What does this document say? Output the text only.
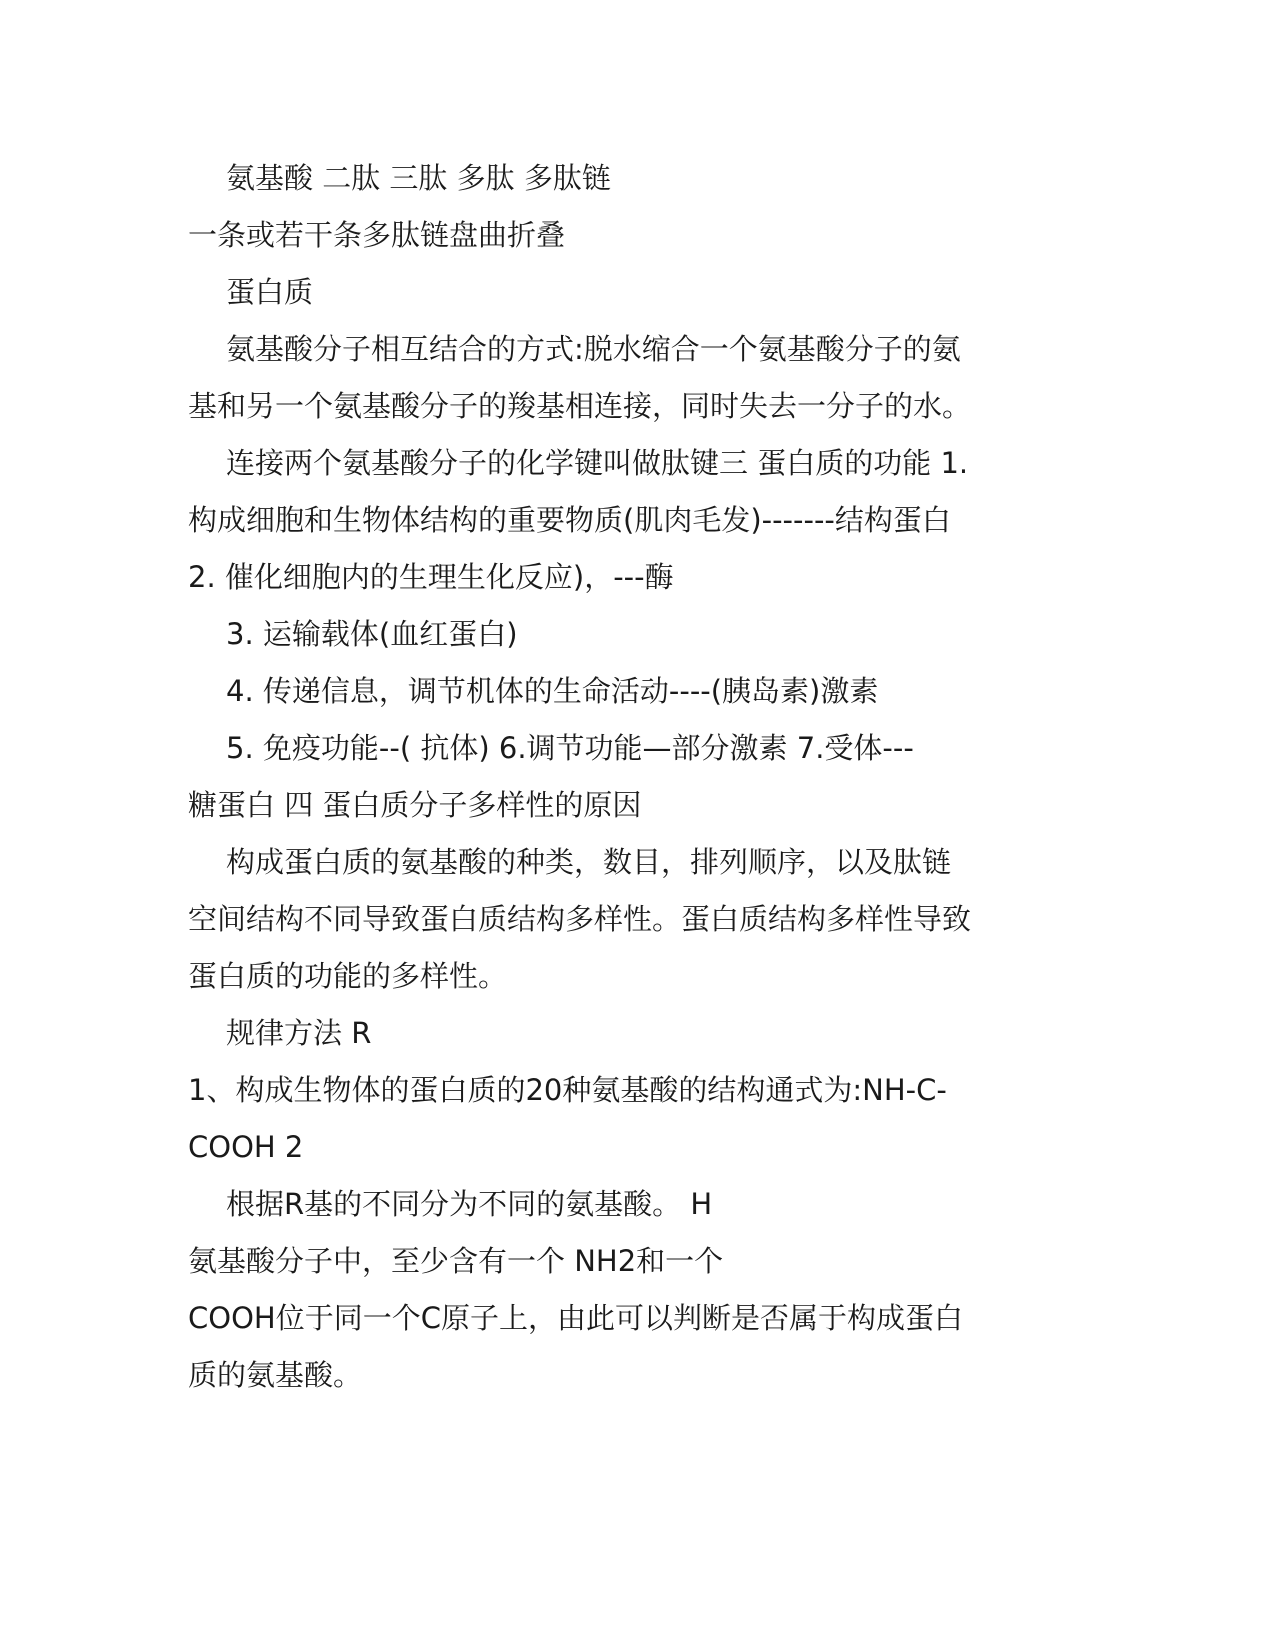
氨基酸 二肽 三肽 多肽 多肽链
一条或若干条多肽链盘曲折叠
蛋白质
氨基酸分子相互结合的方式:脱水缩合一个氨基酸分子的氨
基和另一个氨基酸分子的羧基相连接，同时失去一分子的水。
连接两个氨基酸分子的化学键叫做肽键三 蛋白质的功能 1.
构成细胞和生物体结构的重要物质(肌肉毛发)-------结构蛋白
2. 催化细胞内的生理生化反应)，---酶
3. 运输载体(血红蛋白)
4. 传递信息，调节机体的生命活动----(胰岛素)激素
5. 免疫功能--( 抗体) 6.调节功能—部分激素 7.受体---
糖蛋白 四 蛋白质分子多样性的原因
构成蛋白质的氨基酸的种类，数目，排列顺序，以及肽链
空间结构不同导致蛋白质结构多样性。蛋白质结构多样性导致
蛋白质的功能的多样性。
规律方法 R
1、构成生物体的蛋白质的20种氨基酸的结构通式为:NH-C-
COOH 2
根据R基的不同分为不同的氨基酸。 H
氨基酸分子中，至少含有一个 NH2和一个
COOH位于同一个C原子上，由此可以判断是否属于构成蛋白
质的氨基酸。
